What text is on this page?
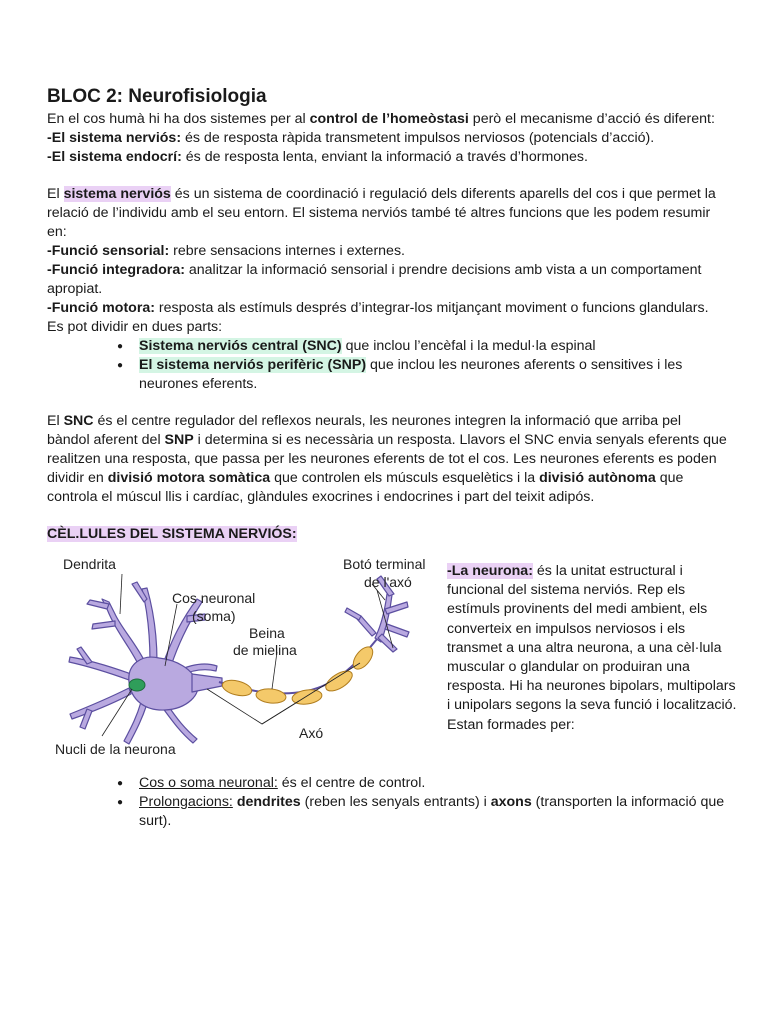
BLOC 2: Neurofisiologia

En el cos humà hi ha dos sistemes per al control de l’homeòstasi però el mecanisme d’acció és diferent:

-El sistema nerviós: és de resposta ràpida transmetent impulsos nerviosos (potencials d’acció).

-El sistema endocrí: és de resposta lenta, enviant la informació a través d’hormones.

El sistema nerviós és un sistema de coordinació i regulació dels diferents aparells del cos i que permet la relació de l’individu amb el seu entorn. El sistema nerviós també té altres funcions que les podem resumir en:

-Funció sensorial: rebre sensacions internes i externes.

-Funció integradora: analitzar la informació sensorial i prendre decisions amb vista a un comportament apropiat.

-Funció motora: resposta als estímuls després d’integrar-los mitjançant moviment o funcions glandulars.

Es pot dividir en dues parts:

● Sistema nerviós central (SNC) que inclou l’encèfal i la medul·la espinal
● El sistema nerviós perifèric (SNP) que inclou les neurones aferents o sensitives i les neurones eferents.

El SNC és el centre regulador del reflexos neurals, les neurones integren la informació que arriba pel bàndol aferent del SNP i determina si es necessària un resposta. Llavors el SNC envia senyals eferents que realitzen una resposta, que passa per les neurones eferents de tot el cos. Les neurones eferents es poden dividir en divisió motora somàtica que controlen els músculs esquelètics i la divisió autònoma que controla el múscul llis i cardíac, glàndules exocrines i endocrines i part del teixit adipós.

CÈL.LULES DEL SISTEMA NERVIÓS:

Dendrita
Cos neuronal
(soma)
Beina
de mielina
Botó terminal
de l'axó
Axó
Nucli de la neurona

-La neurona: és la unitat estructural i funcional del sistema nerviós. Rep els estímuls provinents del medi ambient, els converteix en impulsos nerviosos i els transmet a una altra neurona, a una cèl·lula muscular o glandular on produiran una resposta. Hi ha neurones bipolars, multipolars i unipolars segons la seva funció i localització. Estan formades per:

● Cos o soma neuronal: és el centre de control.
● Prolongacions: dendrites (reben les senyals entrants) i axons (transporten la informació que surt).
